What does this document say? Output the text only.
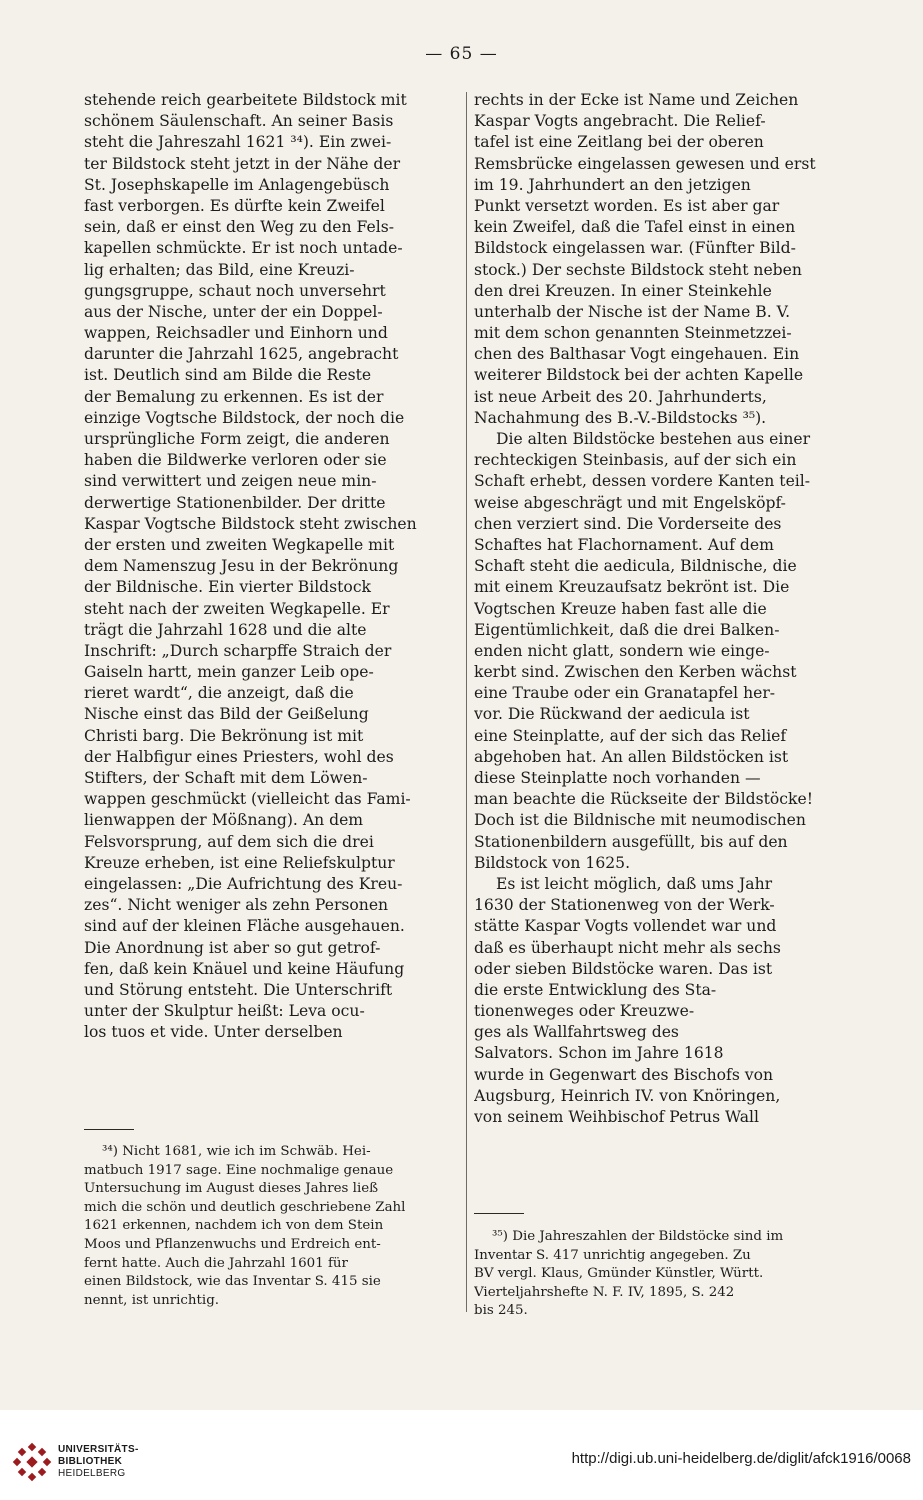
— 65 —
stehende reich gearbeitete Bildstock mit
schönem Säulenschaft. An seiner Basis
steht die Jahreszahl 1621 ³⁴). Ein zwei-
ter Bildstock steht jetzt in der Nähe der
St. Josephskapelle im Anlagengebüsch
fast verborgen. Es dürfte kein Zweifel
sein, daß er einst den Weg zu den Fels-
kapellen schmückte. Er ist noch untade-
lig erhalten; das Bild, eine Kreuzi-
gungsgruppe, schaut noch unversehrt
aus der Nische, unter der ein Doppel-
wappen, Reichsadler und Einhorn und
darunter die Jahrzahl 1625, angebracht
ist. Deutlich sind am Bilde die Reste
der Bemalung zu erkennen. Es ist der
einzige Vogtsche Bildstock, der noch die
ursprüngliche Form zeigt, die anderen
haben die Bildwerke verloren oder sie
sind verwittert und zeigen neue min-
derwertige Stationenbilder. Der dritte
Kaspar Vogtsche Bildstock steht zwischen
der ersten und zweiten Wegkapelle mit
dem Namenszug Jesu in der Bekrönung
der Bildnische. Ein vierter Bildstock
steht nach der zweiten Wegkapelle. Er
trägt die Jahrzahl 1628 und die alte
Inschrift: „Durch scharpffe Straich der
Gaiseln hartt, mein ganzer Leib ope-
rieret wardt“, die anzeigt, daß die
Nische einst das Bild der Geißelung
Christi barg. Die Bekrönung ist mit
der Halbfigur eines Priesters, wohl des
Stifters, der Schaft mit dem Löwen-
wappen geschmückt (vielleicht das Fami-
lienwappen der Mößnang). An dem
Felsvorsprung, auf dem sich die drei
Kreuze erheben, ist eine Reliefskulptur
eingelassen: „Die Aufrichtung des Kreu-
zes“. Nicht weniger als zehn Personen
sind auf der kleinen Fläche ausgehauen.
Die Anordnung ist aber so gut getrof-
fen, daß kein Knäuel und keine Häufung
und Störung entsteht. Die Unterschrift
unter der Skulptur heißt: Leva ocu-
los tuos et vide. Unter derselben
rechts in der Ecke ist Name und Zeichen
Kaspar Vogts angebracht. Die Relief-
tafel ist eine Zeitlang bei der oberen
Remsbrücke eingelassen gewesen und erst
im 19. Jahrhundert an den jetzigen
Punkt versetzt worden. Es ist aber gar
kein Zweifel, daß die Tafel einst in einen
Bildstock eingelassen war. (Fünfter Bild-
stock.) Der sechste Bildstock steht neben
den drei Kreuzen. In einer Steinkehle
unterhalb der Nische ist der Name B. V.
mit dem schon genannten Steinmetzzei-
chen des Balthasar Vogt eingehauen. Ein
weiterer Bildstock bei der achten Kapelle
ist neue Arbeit des 20. Jahrhunderts,
Nachahmung des B.-V.-Bildstocks ³⁵).
Die alten Bildstöcke bestehen aus einer
rechteckigen Steinbasis, auf der sich ein
Schaft erhebt, dessen vordere Kanten teil-
weise abgeschrägt und mit Engelsköpf-
chen verziert sind. Die Vorderseite des
Schaftes hat Flachornament. Auf dem
Schaft steht die aedicula, Bildnische, die
mit einem Kreuzaufsatz bekrönt ist. Die
Vogtschen Kreuze haben fast alle die
Eigentümlichkeit, daß die drei Balken-
enden nicht glatt, sondern wie einge-
kerbt sind. Zwischen den Kerben wächst
eine Traube oder ein Granatapfel her-
vor. Die Rückwand der aedicula ist
eine Steinplatte, auf der sich das Relief
abgehoben hat. An allen Bildstöcken ist
diese Steinplatte noch vorhanden —
man beachte die Rückseite der Bildstöcke!
Doch ist die Bildnische mit neumodischen
Stationenbildern ausgefüllt, bis auf den
Bildstock von 1625.
Es ist leicht möglich, daß ums Jahr
1630 der Stationenweg von der Werk-
stätte Kaspar Vogts vollendet war und
daß es überhaupt nicht mehr als sechs
oder sieben Bildstöcke waren. Das ist
die erste Entwicklung des Sta-
tionenweges oder Kreuzwe-
ges als Wallfahrtsweg des
Salvators. Schon im Jahre 1618
wurde in Gegenwart des Bischofs von
Augsburg, Heinrich IV. von Knöringen,
von seinem Weihbischof Petrus Wall
³⁴) Nicht 1681, wie ich im Schwäb. Hei-
matbuch 1917 sage. Eine nochmalige genaue
Untersuchung im August dieses Jahres ließ
mich die schön und deutlich geschriebene Zahl
1621 erkennen, nachdem ich von dem Stein
Moos und Pflanzenwuchs und Erdreich ent-
fernt hatte. Auch die Jahrzahl 1601 für
einen Bildstock, wie das Inventar S. 415 sie
nennt, ist unrichtig.
³⁵) Die Jahreszahlen der Bildstöcke sind im
Inventar S. 417 unrichtig angegeben. Zu
BV vergl. Klaus, Gmünder Künstler, Württ.
Vierteljahrshefte N. F. IV, 1895, S. 242
bis 245.
UNIVERSITÄTS-
BIBLIOTHEK
HEIDELBERG
http://digi.ub.uni-heidelberg.de/diglit/afck1916/0068
